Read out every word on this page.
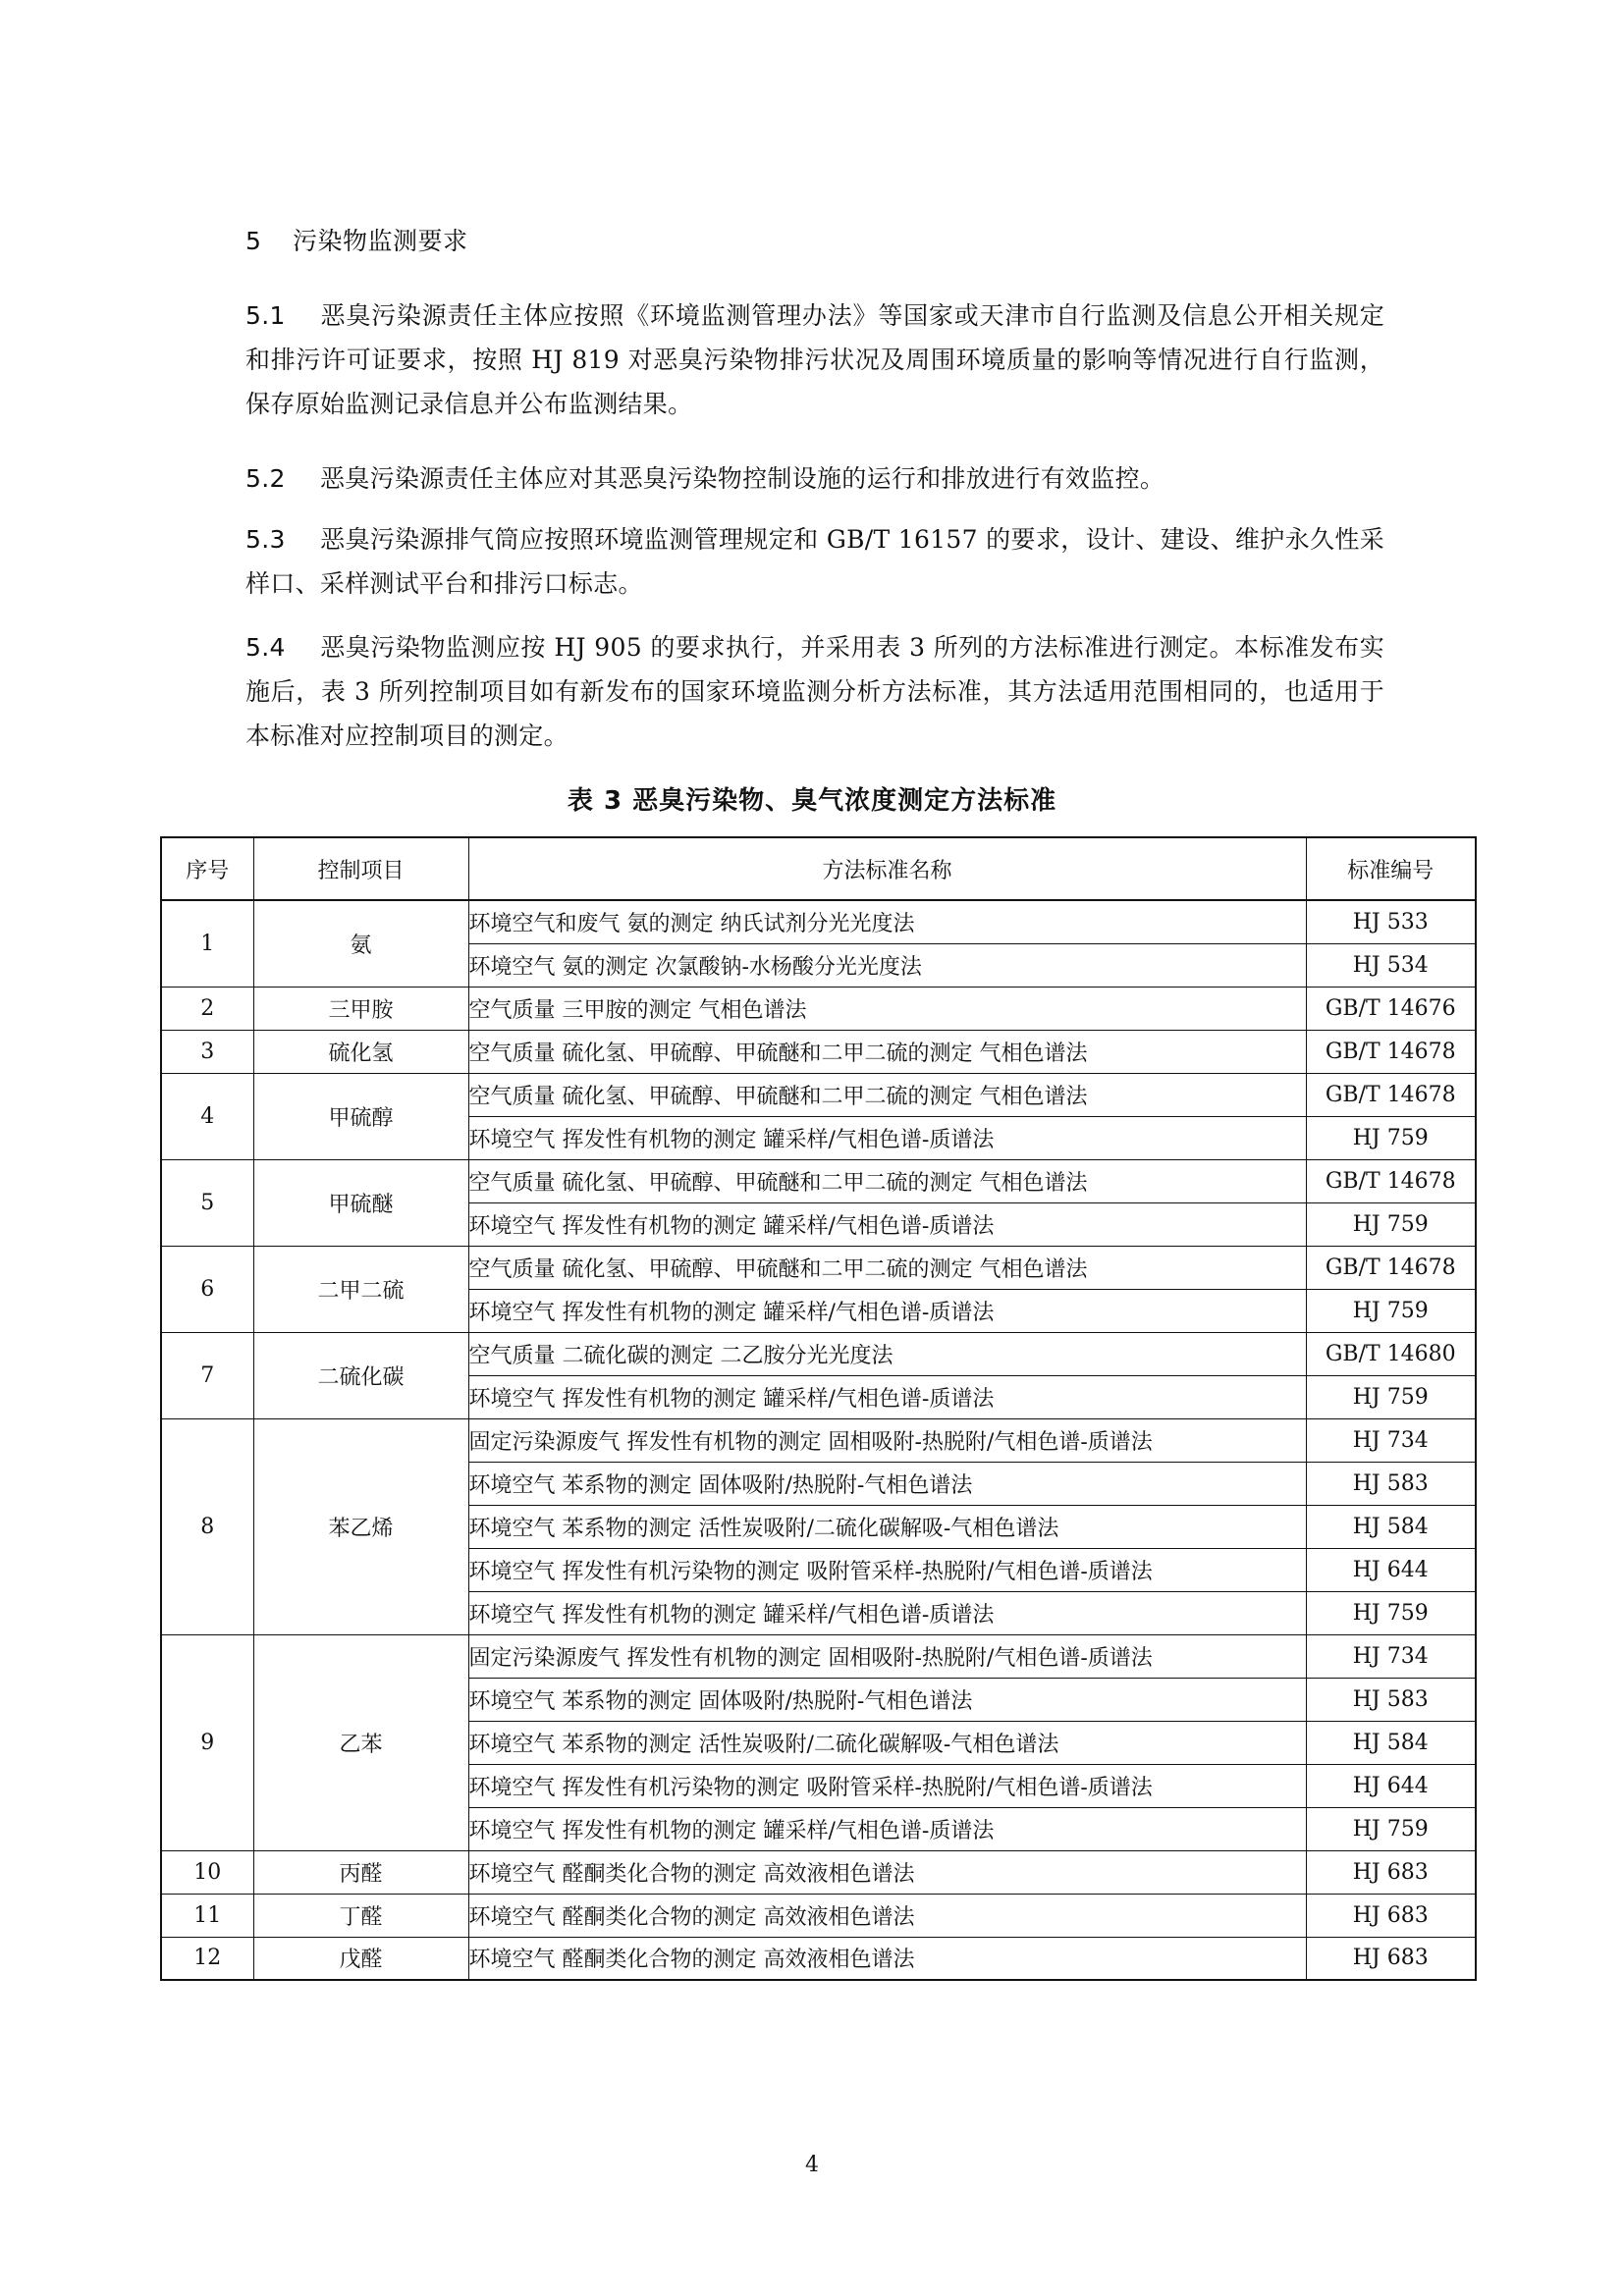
5 污染物监测要求
5.1 恶臭污染源责任主体应按照《环境监测管理办法》等国家或天津市自行监测及信息公开相关规定和排污许可证要求，按照 HJ 819 对恶臭污染物排污状况及周围环境质量的影响等情况进行自行监测，保存原始监测记录信息并公布监测结果。
5.2 恶臭污染源责任主体应对其恶臭污染物控制设施的运行和排放进行有效监控。
5.3 恶臭污染源排气筒应按照环境监测管理规定和 GB/T 16157 的要求，设计、建设、维护永久性采样口、采样测试平台和排污口标志。
5.4 恶臭污染物监测应按 HJ 905 的要求执行，并采用表 3 所列的方法标准进行测定。本标准发布实施后，表 3 所列控制项目如有新发布的国家环境监测分析方法标准，其方法适用范围相同的，也适用于本标准对应控制项目的测定。
表 3 恶臭污染物、臭气浓度测定方法标准
序号	控制项目	方法标准名称	标准编号
1	氨	环境空气和废气 氨的测定 纳氏试剂分光光度法	HJ 533
		环境空气 氨的测定 次氯酸钠-水杨酸分光光度法	HJ 534
2	三甲胺	空气质量 三甲胺的测定 气相色谱法	GB/T 14676
3	硫化氢	空气质量 硫化氢、甲硫醇、甲硫醚和二甲二硫的测定 气相色谱法	GB/T 14678
4	甲硫醇	空气质量 硫化氢、甲硫醇、甲硫醚和二甲二硫的测定 气相色谱法	GB/T 14678
		环境空气 挥发性有机物的测定 罐采样/气相色谱-质谱法	HJ 759
5	甲硫醚	空气质量 硫化氢、甲硫醇、甲硫醚和二甲二硫的测定 气相色谱法	GB/T 14678
		环境空气 挥发性有机物的测定 罐采样/气相色谱-质谱法	HJ 759
6	二甲二硫	空气质量 硫化氢、甲硫醇、甲硫醚和二甲二硫的测定 气相色谱法	GB/T 14678
		环境空气 挥发性有机物的测定 罐采样/气相色谱-质谱法	HJ 759
7	二硫化碳	空气质量 二硫化碳的测定 二乙胺分光光度法	GB/T 14680
		环境空气 挥发性有机物的测定 罐采样/气相色谱-质谱法	HJ 759
8	苯乙烯	固定污染源废气 挥发性有机物的测定 固相吸附-热脱附/气相色谱-质谱法	HJ 734
		环境空气 苯系物的测定 固体吸附/热脱附-气相色谱法	HJ 583
		环境空气 苯系物的测定 活性炭吸附/二硫化碳解吸-气相色谱法	HJ 584
		环境空气 挥发性有机污染物的测定 吸附管采样-热脱附/气相色谱-质谱法	HJ 644
		环境空气 挥发性有机物的测定 罐采样/气相色谱-质谱法	HJ 759
9	乙苯	固定污染源废气 挥发性有机物的测定 固相吸附-热脱附/气相色谱-质谱法	HJ 734
		环境空气 苯系物的测定 固体吸附/热脱附-气相色谱法	HJ 583
		环境空气 苯系物的测定 活性炭吸附/二硫化碳解吸-气相色谱法	HJ 584
		环境空气 挥发性有机污染物的测定 吸附管采样-热脱附/气相色谱-质谱法	HJ 644
		环境空气 挥发性有机物的测定 罐采样/气相色谱-质谱法	HJ 759
10	丙醛	环境空气 醛酮类化合物的测定 高效液相色谱法	HJ 683
11	丁醛	环境空气 醛酮类化合物的测定 高效液相色谱法	HJ 683
12	戊醛	环境空气 醛酮类化合物的测定 高效液相色谱法	HJ 683
4
